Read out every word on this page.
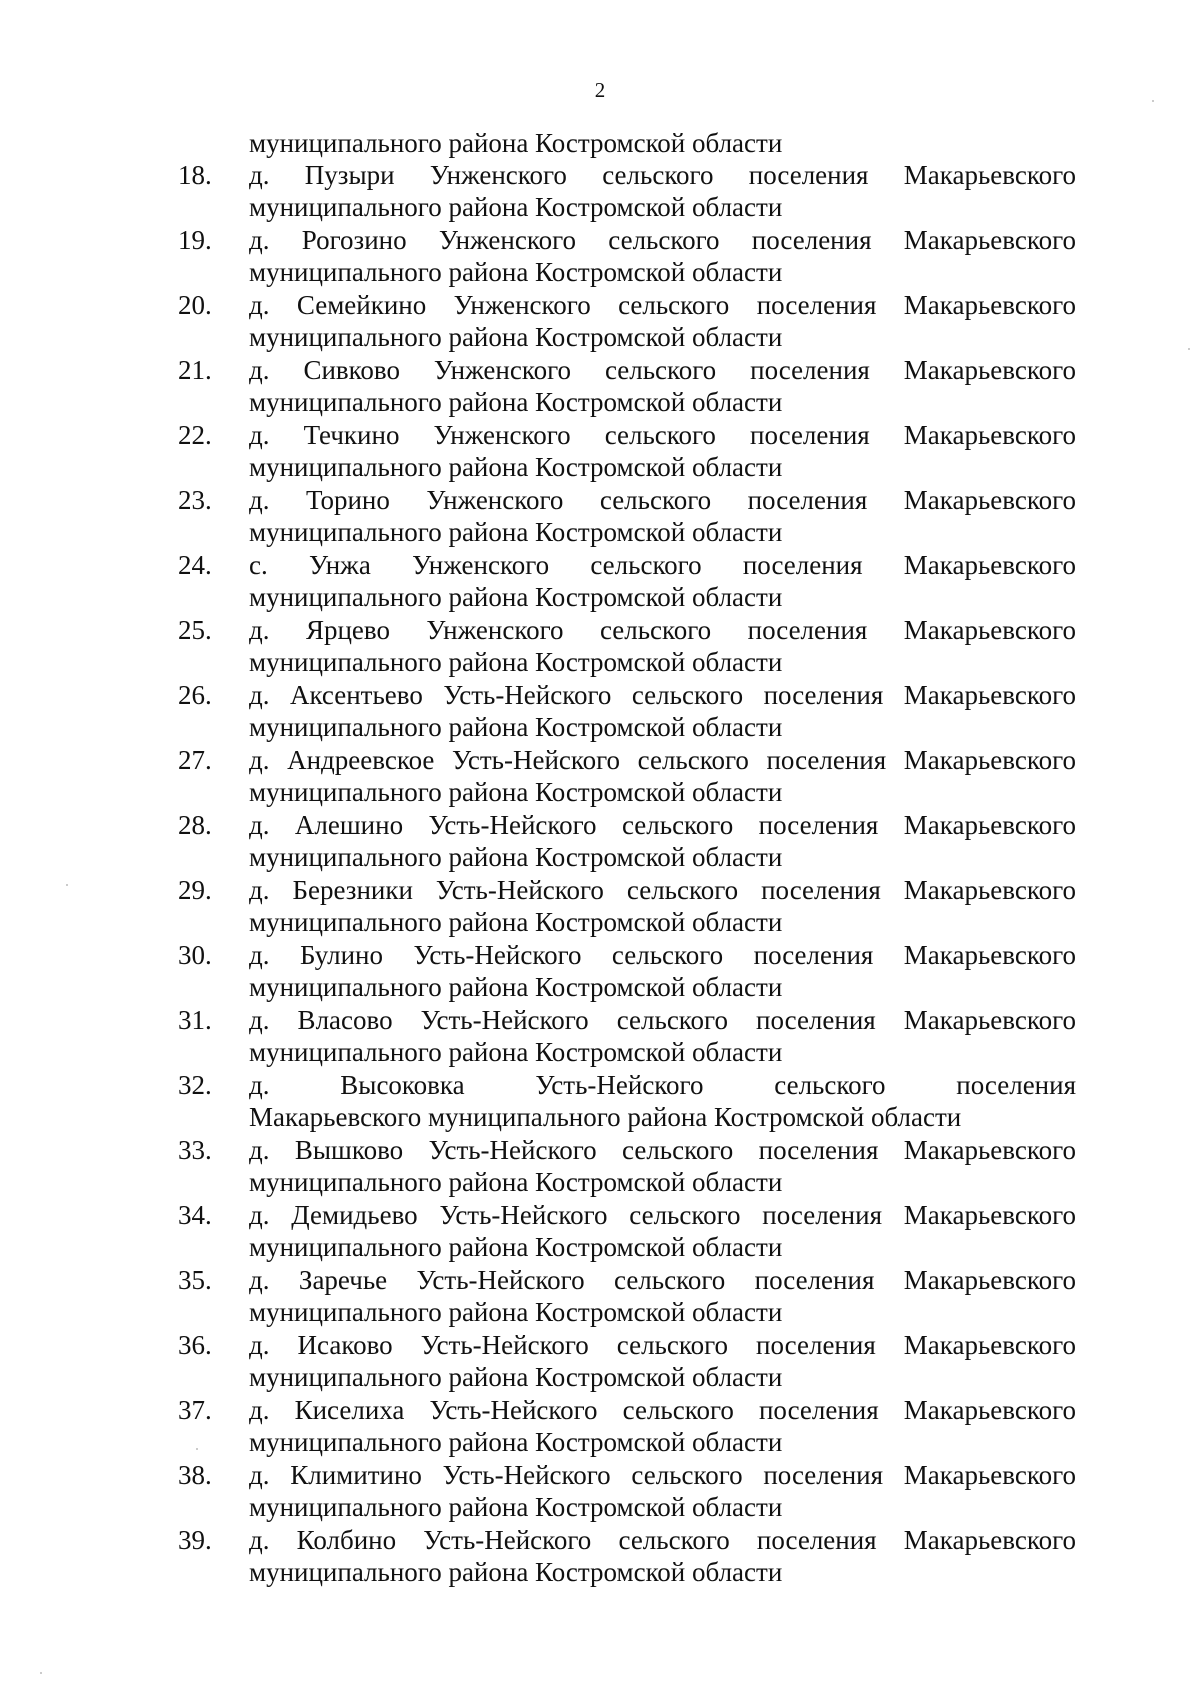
2
муниципального района Костромской области
18. д. Пузыри Унженского сельского поселения Макарьевского
муниципального района Костромской области
19. д. Рогозино Унженского сельского поселения Макарьевского
муниципального района Костромской области
20. д. Семейкино Унженского сельского поселения Макарьевского
муниципального района Костромской области
21. д. Сивково Унженского сельского поселения Макарьевского
муниципального района Костромской области
22. д. Течкино Унженского сельского поселения Макарьевского
муниципального района Костромской области
23. д. Торино Унженского сельского поселения Макарьевского
муниципального района Костромской области
24. с. Унжа Унженского сельского поселения Макарьевского
муниципального района Костромской области
25. д. Ярцево Унженского сельского поселения Макарьевского
муниципального района Костромской области
26. д. Аксентьево Усть-Нейского сельского поселения Макарьевского
муниципального района Костромской области
27. д. Андреевское Усть-Нейского сельского поселения Макарьевского
муниципального района Костромской области
28. д. Алешино Усть-Нейского сельского поселения Макарьевского
муниципального района Костромской области
29. д. Березники Усть-Нейского сельского поселения Макарьевского
муниципального района Костромской области
30. д. Булино Усть-Нейского сельского поселения Макарьевского
муниципального района Костромской области
31. д. Власово Усть-Нейского сельского поселения Макарьевского
муниципального района Костромской области
32. д. Высоковка Усть-Нейского сельского поселения
Макарьевского муниципального района Костромской области
33. д. Вышково Усть-Нейского сельского поселения Макарьевского
муниципального района Костромской области
34. д. Демидьево Усть-Нейского сельского поселения Макарьевского
муниципального района Костромской области
35. д. Заречье Усть-Нейского сельского поселения Макарьевского
муниципального района Костромской области
36. д. Исаково Усть-Нейского сельского поселения Макарьевского
муниципального района Костромской области
37. д. Киселиха Усть-Нейского сельского поселения Макарьевского
муниципального района Костромской области
38. д. Климитино Усть-Нейского сельского поселения Макарьевского
муниципального района Костромской области
39. д. Колбино Усть-Нейского сельского поселения Макарьевского
муниципального района Костромской области
